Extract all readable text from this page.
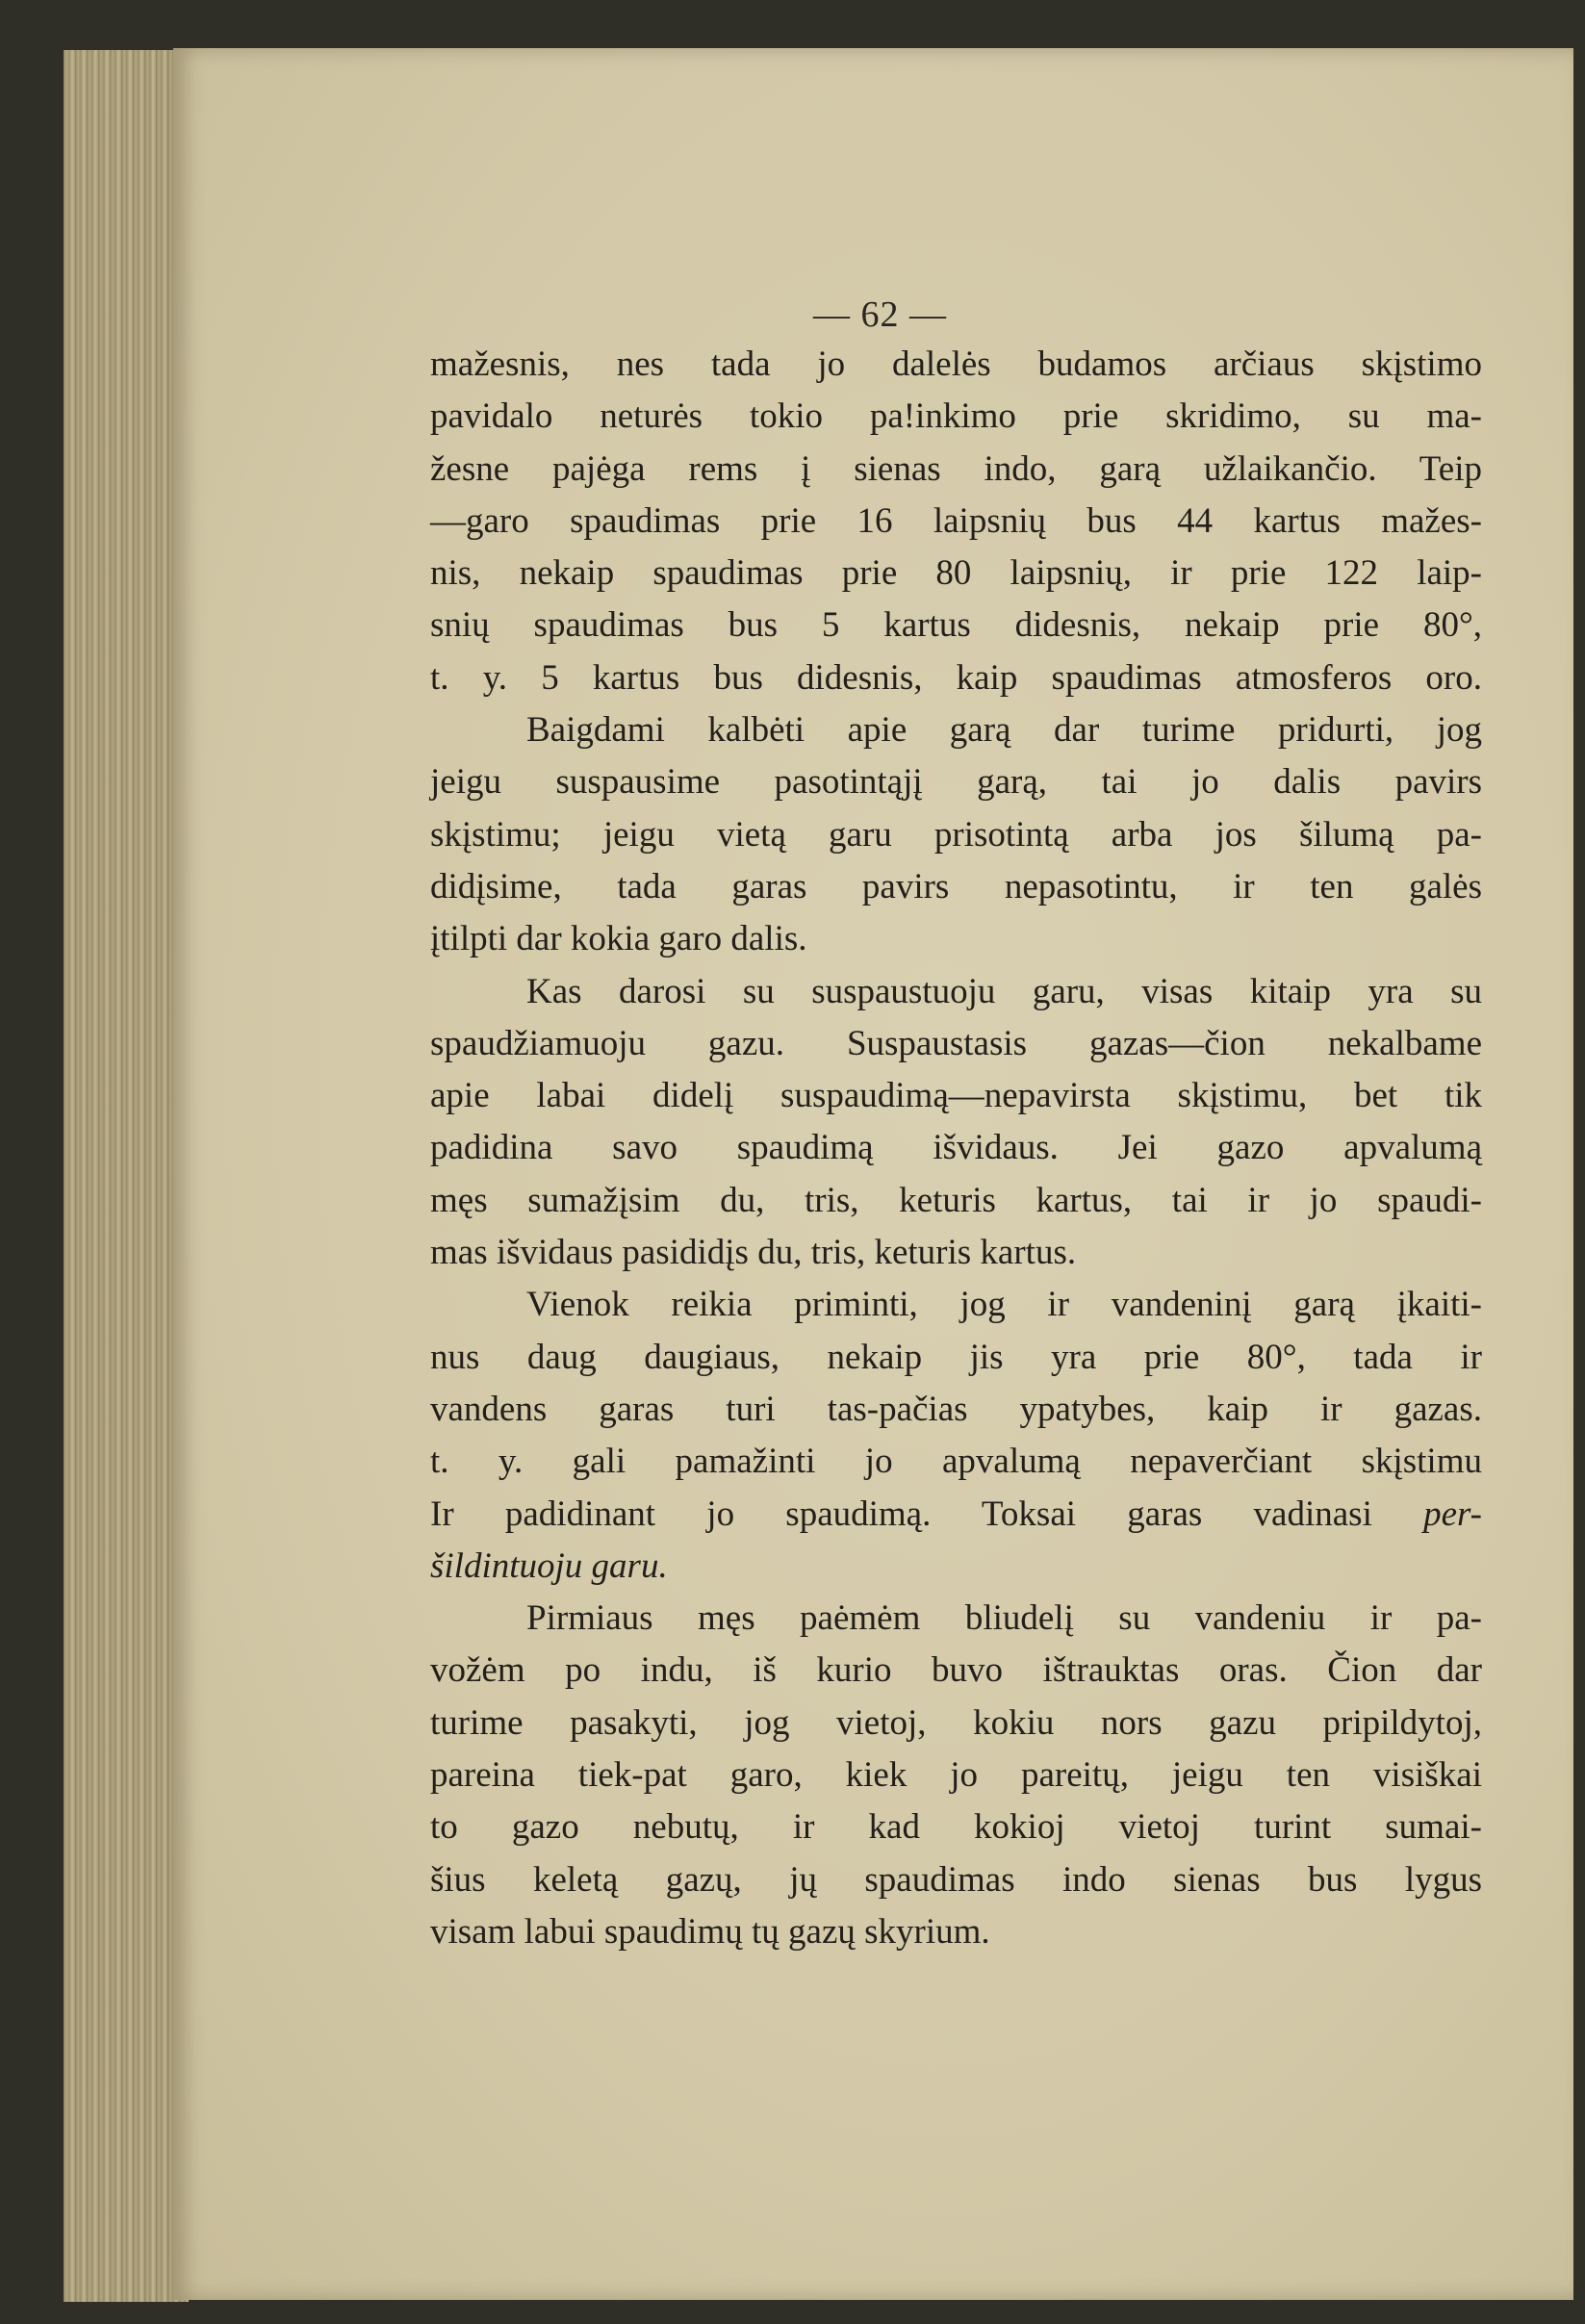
— 62 —
mažesnis, nes tada jo dalelės budamos arčiaus skįstimo
pavidalo neturės tokio pa!inkimo prie skridimo, su ma-
žesne pajėga rems į sienas indo, garą užlaikančio. Teip
—garo spaudimas prie 16 laipsnių bus 44 kartus mažes-
nis, nekaip spaudimas prie 80 laipsnių, ir prie 122 laip-
snių spaudimas bus 5 kartus didesnis, nekaip prie 80°,
t. y. 5 kartus bus didesnis, kaip spaudimas atmosferos oro.
Baigdami kalbėti apie garą dar turime pridurti, jog
jeigu suspausime pasotintąjį garą, tai jo dalis pavirs
skįstimu; jeigu vietą garu prisotintą arba jos šilumą pa-
didįsime, tada garas pavirs nepasotintu, ir ten galės
įtilpti dar kokia garo dalis.
Kas darosi su suspaustuoju garu, visas kitaip yra su
spaudžiamuoju gazu. Suspaustasis gazas—čion nekalbame
apie labai didelį suspaudimą—nepavirsta skįstimu, bet tik
padidina savo spaudimą išvidaus. Jei gazo apvalumą
męs sumažįsim du, tris, keturis kartus, tai ir jo spaudi-
mas išvidaus pasididįs du, tris, keturis kartus.
Vienok reikia priminti, jog ir vandeninį garą įkaiti-
nus daug daugiaus, nekaip jis yra prie 80°, tada ir
vandens garas turi tas-pačias ypatybes, kaip ir gazas.
t. y. gali pamažinti jo apvalumą nepaverčiant skįstimu
Ir padidinant jo spaudimą. Toksai garas vadinasi per-
šildintuoju garu.
Pirmiaus męs paėmėm bliudelį su vandeniu ir pa-
vožėm po indu, iš kurio buvo ištrauktas oras. Čion dar
turime pasakyti, jog vietoj, kokiu nors gazu pripildytoj,
pareina tiek-pat garo, kiek jo pareitų, jeigu ten visiškai
to gazo nebutų, ir kad kokioj vietoj turint sumai-
šius keletą gazų, jų spaudimas indo sienas bus lygus
visam labui spaudimų tų gazų skyrium.
